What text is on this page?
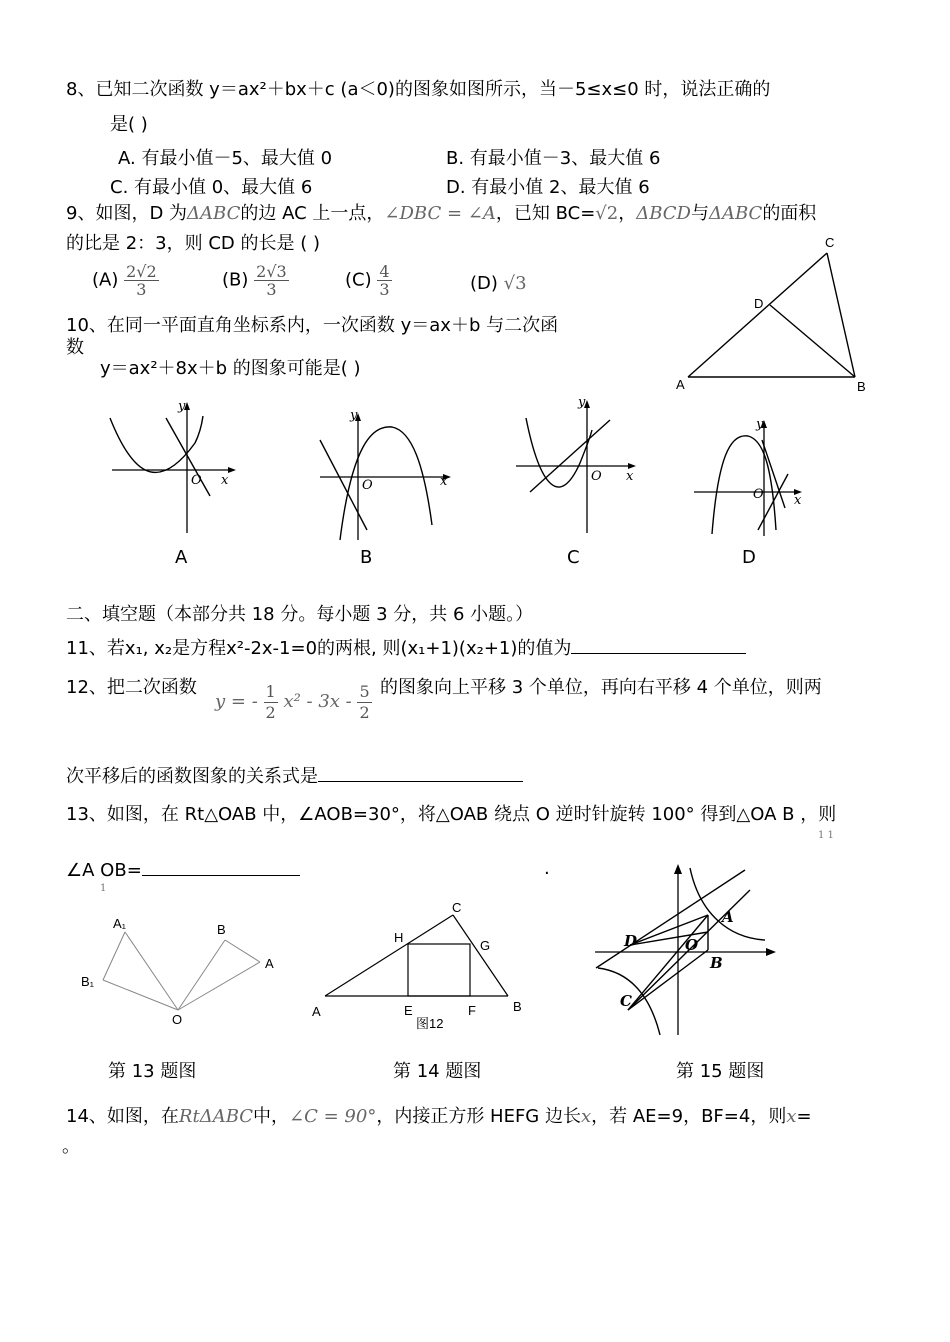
8、已知二次函数 y＝ax²＋bx＋c (a＜0)的图象如图所示，当－5≤x≤0 时，说法正确的
是( )
A. 有最小值－5、最大值 0	B. 有最小值－3、最大值 6
C. 有最小值 0、最大值 6	D. 有最小值 2、最大值 6
9、如图，D 为ΔABC的边 AC 上一点，∠DBC = ∠A，已知 BC=√2，ΔBCD与ΔABC的面积
的比是 2：3，则 CD 的长是 ( )
$(A) \frac{2√2}{3}$	$(B) \frac{2√3}{3}$	$(C) \frac{4}{3}$	(D) √3
A	B
C
D
10、在同一平面直角坐标系内，一次函数 y＝ax＋b 与二次函
数
y＝ax²＋8x＋b 的图象可能是( )
y
x
O
y
x
O
y
x
O
y
x
O
A	B	C	D
二、填空题（本部分共 18 分。每小题 3 分，共 6 小题。）
11、若x₁, x₂是方程x²-2x-1=0的两根, 则(x₁+1)(x₂+1)的值为
12、把二次函数
y = - $\frac{1}{2} x^2 - 3x - \frac{5}{2}$ 的图象向上平移 3 个单位，再向右平移 4 个单位，则两
次平移后的函数图象的关系式是
13、如图，在 Rt△OAB 中，∠AOB=30°，将△OAB 绕点 O 逆时针旋转 100° 得到△OA B ，则
1 1
∠A OB=
1
.
A₁	B
A
B₁
O
C
H
G
A	E	F	B
图12
A
D	O
B
C
第 13 题图	第 14 题图	第 15 题图
14、如图，在RtΔABC中，∠C = 90°，内接正方形 HEFG 边长x，若 AE=9，BF=4，则x=
。
